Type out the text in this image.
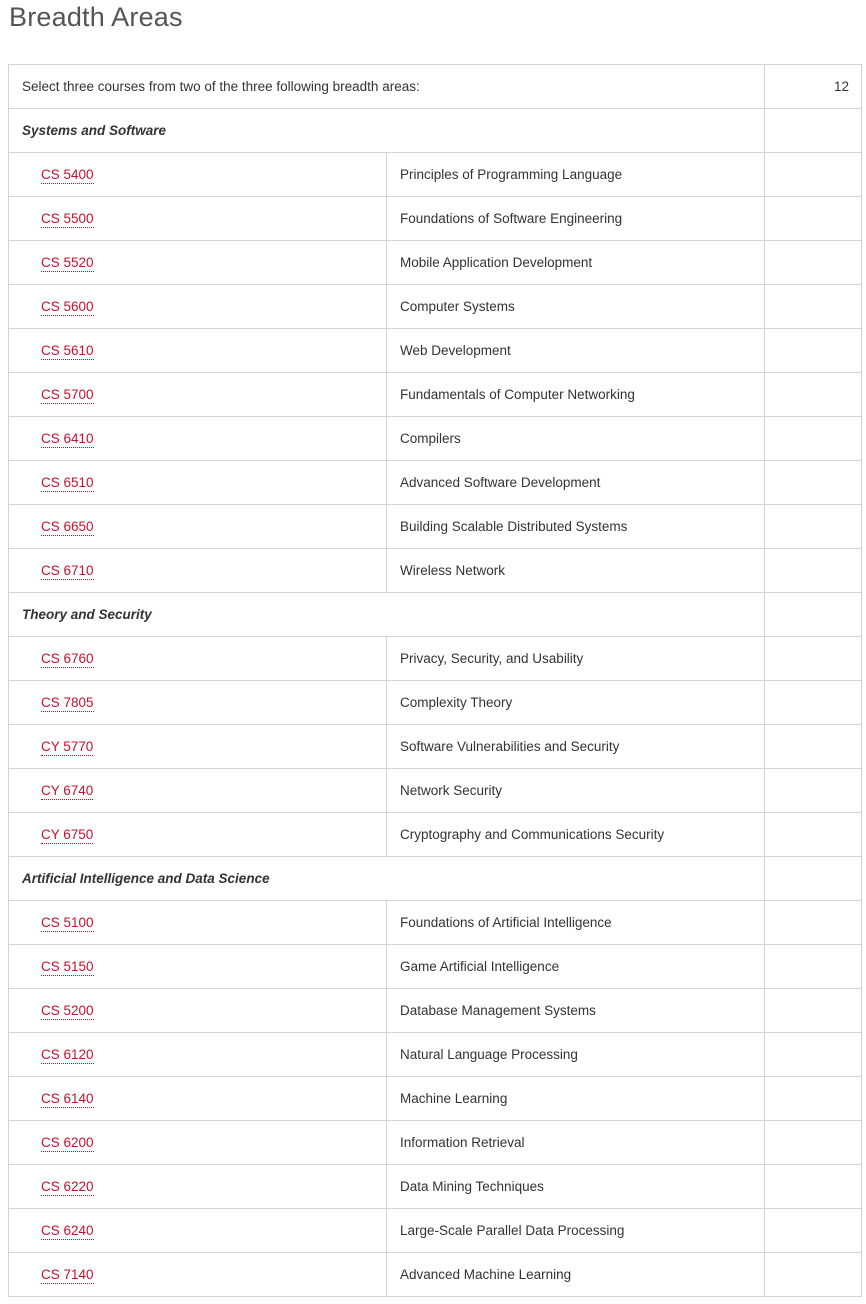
Breadth Areas
Select three courses from two of the three following breadth areas:		12
Systems and Software		
CS 5400	Principles of Programming Language	
CS 5500	Foundations of Software Engineering	
CS 5520	Mobile Application Development	
CS 5600	Computer Systems	
CS 5610	Web Development	
CS 5700	Fundamentals of Computer Networking	
CS 6410	Compilers	
CS 6510	Advanced Software Development	
CS 6650	Building Scalable Distributed Systems	
CS 6710	Wireless Network	
Theory and Security		
CS 6760	Privacy, Security, and Usability	
CS 7805	Complexity Theory	
CY 5770	Software Vulnerabilities and Security	
CY 6740	Network Security	
CY 6750	Cryptography and Communications Security	
Artificial Intelligence and Data Science		
CS 5100	Foundations of Artificial Intelligence	
CS 5150	Game Artificial Intelligence	
CS 5200	Database Management Systems	
CS 6120	Natural Language Processing	
CS 6140	Machine Learning	
CS 6200	Information Retrieval	
CS 6220	Data Mining Techniques	
CS 6240	Large-Scale Parallel Data Processing	
CS 7140	Advanced Machine Learning	
